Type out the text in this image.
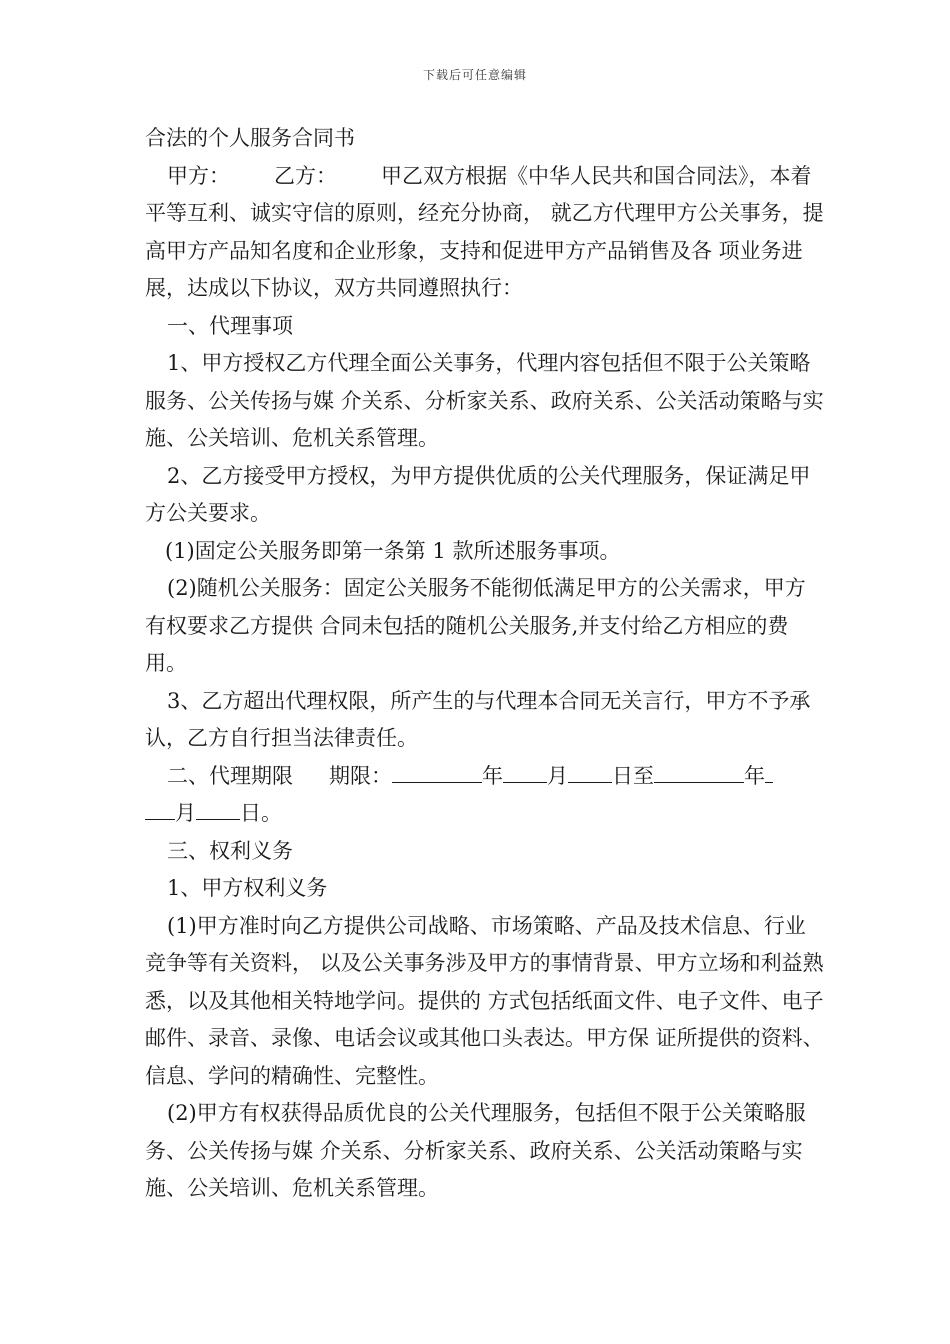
下载后可任意编辑

合法的个人服务合同书

甲方： 乙方： 甲乙双方根据《中华人民共和国合同法》，本着平等互利、诚实守信的原则，经充分协商， 就乙方代理甲方公关事务，提高甲方产品知名度和企业形象，支持和促进甲方产品销售及各 项业务进展，达成以下协议，双方共同遵照执行：

一、代理事项

1、甲方授权乙方代理全面公关事务，代理内容包括但不限于公关策略服务、公关传扬与媒 介关系、分析家关系、政府关系、公关活动策略与实施、公关培训、危机关系管理。

2、乙方接受甲方授权，为甲方提供优质的公关代理服务，保证满足甲方公关要求。

(1)固定公关服务即第一条第 1 款所述服务事项。

(2)随机公关服务：固定公关服务不能彻低满足甲方的公关需求，甲方有权要求乙方提供 合同未包括的随机公关服务,并支付给乙方相应的费用。

3、乙方超出代理权限，所产生的与代理本合同无关言行，甲方不予承认，乙方自行担当法律责任。

二、代理期限 期限：	年 月 日至	年
月 日。

三、权利义务

1、甲方权利义务

(1)甲方准时向乙方提供公司战略、市场策略、产品及技术信息、行业竞争等有关资料， 以及公关事务涉及甲方的事情背景、甲方立场和利益熟悉，以及其他相关特地学问。提供的 方式包括纸面文件、电子文件、电子邮件、录音、录像、电话会议或其他口头表达。甲方保 证所提供的资料、信息、学问的精确性、完整性。

(2)甲方有权获得品质优良的公关代理服务，包括但不限于公关策略服务、公关传扬与媒 介关系、分析家关系、政府关系、公关活动策略与实施、公关培训、危机关系管理。
